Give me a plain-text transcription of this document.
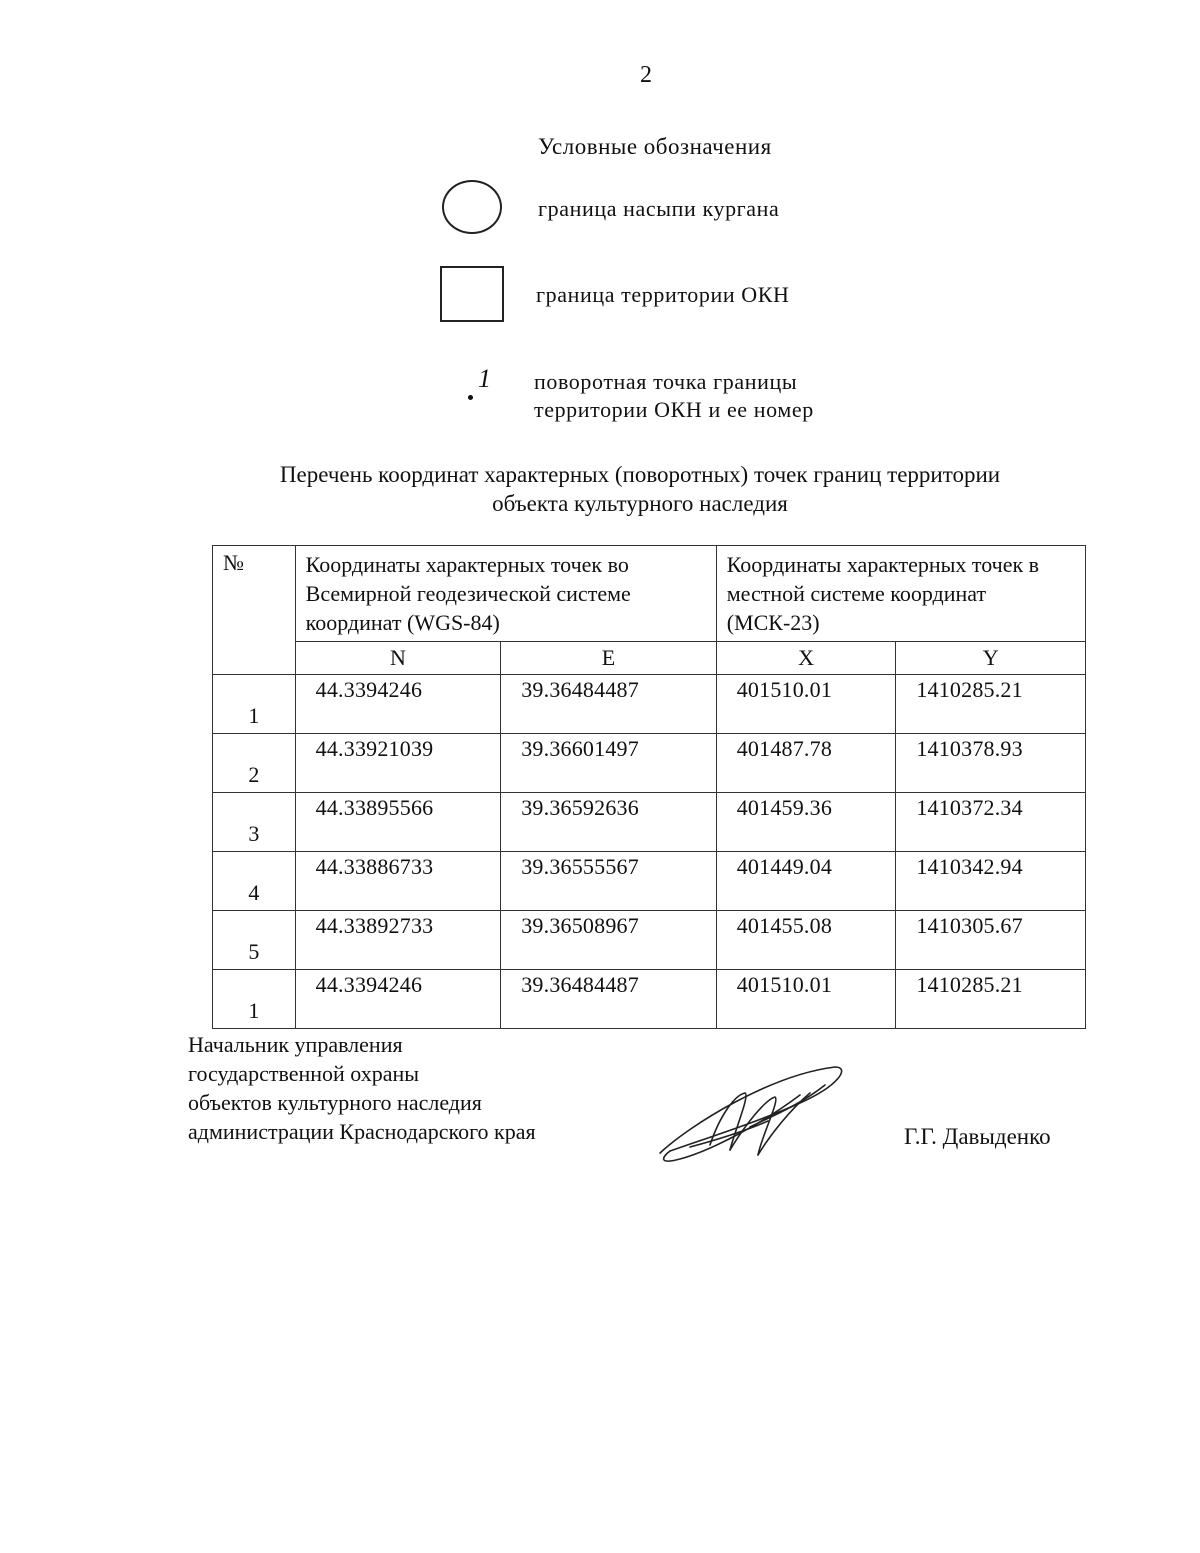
2
Условные обозначения
граница насыпи кургана
граница территории ОКН
1 поворотная точка границы
территории ОКН и ее номер
Перечень координат характерных (поворотных) точек границ территории
объекта культурного наследия
№	Координаты характерных точек во Всемирной геодезической системе координат (WGS-84)		Координаты характерных точек в местной системе координат (МСК-23)	
	N	E	X	Y
1	44.3394246	39.36484487	401510.01	1410285.21
2	44.33921039	39.36601497	401487.78	1410378.93
3	44.33895566	39.36592636	401459.36	1410372.34
4	44.33886733	39.36555567	401449.04	1410342.94
5	44.33892733	39.36508967	401455.08	1410305.67
1	44.3394246	39.36484487	401510.01	1410285.21
Начальник управления
государственной охраны
объектов культурного наследия
администрации Краснодарского края	Г.Г. Давыденко
